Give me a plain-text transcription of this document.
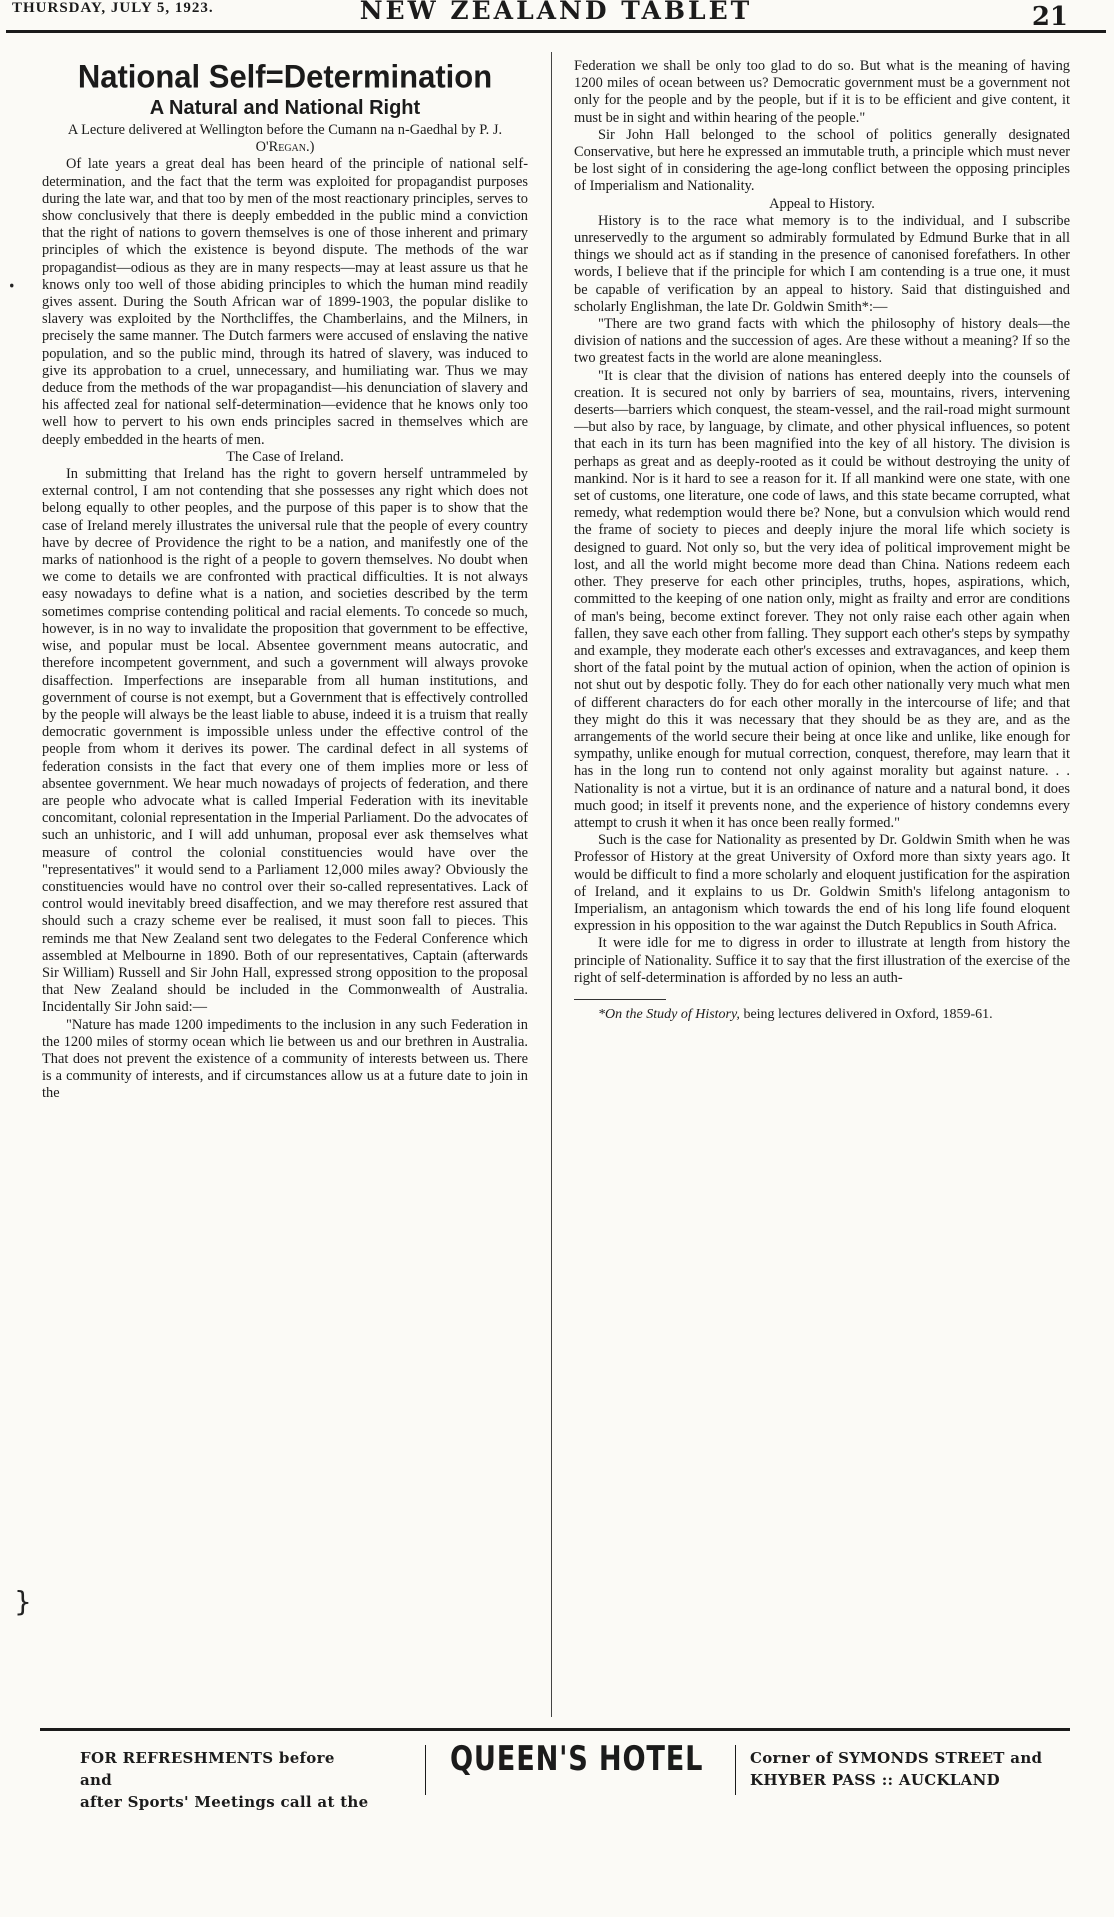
THURSDAY, JULY 5, 1923.	NEW ZEALAND TABLET	21
National Self=Determination
A Natural and National Right

A Lecture delivered at Wellington before the Cumann na n-Gaedhal by P. J. O'Regan.)

Of late years a great deal has been heard of the principle of national self-determination, and the fact that the term was exploited for propagandist purposes during the late war, and that too by men of the most reactionary principles, serves to show conclusively that there is deeply embedded in the public mind a conviction that the right of nations to govern themselves is one of those inherent and primary principles of which the existence is beyond dispute. The methods of the war propagandist—odious as they are in many respects—may at least assure us that he knows only too well of those abiding principles to which the human mind readily gives assent. During the South African war of 1899-1903, the popular dislike to slavery was exploited by the Northcliffes, the Chamberlains, and the Milners, in precisely the same manner. The Dutch farmers were accused of enslaving the native population, and so the public mind, through its hatred of slavery, was induced to give its approbation to a cruel, unnecessary, and humiliating war. Thus we may deduce from the methods of the war propagandist—his denunciation of slavery and his affected zeal for national self-determination—evidence that he knows only too well how to pervert to his own ends principles sacred in themselves which are deeply embedded in the hearts of men.

The Case of Ireland.

In submitting that Ireland has the right to govern herself untrammeled by external control, I am not contending that she possesses any right which does not belong equally to other peoples, and the purpose of this paper is to show that the case of Ireland merely illustrates the universal rule that the people of every country have by decree of Providence the right to be a nation, and manifestly one of the marks of nationhood is the right of a people to govern themselves. No doubt when we come to details we are confronted with practical difficulties. It is not always easy nowadays to define what is a nation, and societies described by the term sometimes comprise contending political and racial elements. To concede so much, however, is in no way to invalidate the proposition that government to be effective, wise, and popular must be local. Absentee government means autocratic, and therefore incompetent government, and such a government will always provoke disaffection. Imperfections are inseparable from all human institutions, and government of course is not exempt, but a Government that is effectively controlled by the people will always be the least liable to abuse, indeed it is a truism that really democratic government is impossible unless under the effective control of the people from whom it derives its power. The cardinal defect in all systems of federation consists in the fact that every one of them implies more or less of absentee government. We hear much nowadays of projects of federation, and there are people who advocate what is called Imperial Federation with its inevitable concomitant, colonial representation in the Imperial Parliament. Do the advocates of such an unhistoric, and I will add unhuman, proposal ever ask themselves what measure of control the colonial constituencies would have over the "representatives" it would send to a Parliament 12,000 miles away? Obviously the constituencies would have no control over their so-called representatives. Lack of control would inevitably breed disaffection, and we may therefore rest assured that should such a crazy scheme ever be realised, it must soon fall to pieces. This reminds me that New Zealand sent two delegates to the Federal Conference which assembled at Melbourne in 1890. Both of our representatives, Captain (afterwards Sir William) Russell and Sir John Hall, expressed strong opposition to the proposal that New Zealand should be included in the Commonwealth of Australia. Incidentally Sir John said:—

"Nature has made 1200 impediments to the inclusion in any such Federation in the 1200 miles of stormy ocean which lie between us and our brethren in Australia. That does not prevent the existence of a community of interests between us. There is a community of interests, and if circumstances allow us at a future date to join in the

Federation we shall be only too glad to do so. But what is the meaning of having 1200 miles of ocean between us? Democratic government must be a government not only for the people and by the people, but if it is to be efficient and give content, it must be in sight and within hearing of the people."

Sir John Hall belonged to the school of politics generally designated Conservative, but here he expressed an immutable truth, a principle which must never be lost sight of in considering the age-long conflict between the opposing principles of Imperialism and Nationality.

Appeal to History.

History is to the race what memory is to the individual, and I subscribe unreservedly to the argument so admirably formulated by Edmund Burke that in all things we should act as if standing in the presence of canonised forefathers. In other words, I believe that if the principle for which I am contending is a true one, it must be capable of verification by an appeal to history. Said that distinguished and scholarly Englishman, the late Dr. Goldwin Smith*:—

"There are two grand facts with which the philosophy of history deals—the division of nations and the succession of ages. Are these without a meaning? If so the two greatest facts in the world are alone meaningless.

"It is clear that the division of nations has entered deeply into the counsels of creation. It is secured not only by barriers of sea, mountains, rivers, intervening deserts—barriers which conquest, the steam-vessel, and the rail-road might surmount—but also by race, by language, by climate, and other physical influences, so potent that each in its turn has been magnified into the key of all history. The division is perhaps as great and as deeply-rooted as it could be without destroying the unity of mankind. Nor is it hard to see a reason for it. If all mankind were one state, with one set of customs, one literature, one code of laws, and this state became corrupted, what remedy, what redemption would there be? None, but a convulsion which would rend the frame of society to pieces and deeply injure the moral life which society is designed to guard. Not only so, but the very idea of political improvement might be lost, and all the world might become more dead than China. Nations redeem each other. They preserve for each other principles, truths, hopes, aspirations, which, committed to the keeping of one nation only, might as frailty and error are conditions of man's being, become extinct forever. They not only raise each other again when fallen, they save each other from falling. They support each other's steps by sympathy and example, they moderate each other's excesses and extravagances, and keep them short of the fatal point by the mutual action of opinion, when the action of opinion is not shut out by despotic folly. They do for each other nationally very much what men of different characters do for each other morally in the intercourse of life; and that they might do this it was necessary that they should be as they are, and as the arrangements of the world secure their being at once like and unlike, like enough for sympathy, unlike enough for mutual correction, conquest, therefore, may learn that it has in the long run to contend not only against morality but against nature. . . Nationality is not a virtue, but it is an ordinance of nature and a natural bond, it does much good; in itself it prevents none, and the experience of history condemns every attempt to crush it when it has once been really formed."

Such is the case for Nationality as presented by Dr. Goldwin Smith when he was Professor of History at the great University of Oxford more than sixty years ago. It would be difficult to find a more scholarly and eloquent justification for the aspiration of Ireland, and it explains to us Dr. Goldwin Smith's lifelong antagonism to Imperialism, an antagonism which towards the end of his long life found eloquent expression in his opposition to the war against the Dutch Republics in South Africa.

It were idle for me to digress in order to illustrate at length from history the principle of Nationality. Suffice it to say that the first illustration of the exercise of the right of self-determination is afforded by no less an auth-

*On the Study of History, being lectures delivered in Oxford, 1859-61.

FOR REFRESHMENTS before and
after Sports' Meetings call at the
QUEEN'S HOTEL	Corner of SYMONDS STREET and
KHYBER PASS :: AUCKLAND
⸳
}
